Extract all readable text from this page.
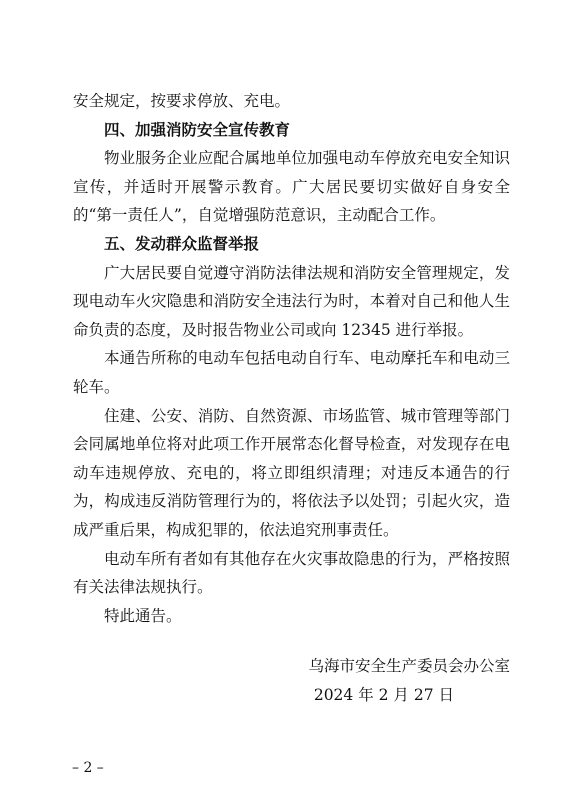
安全规定，按要求停放、充电。

四、加强消防安全宣传教育

物业服务企业应配合属地单位加强电动车停放充电安全知识宣传，并适时开展警示教育。广大居民要切实做好自身安全的“第一责任人”，自觉增强防范意识，主动配合工作。

五、发动群众监督举报

广大居民要自觉遵守消防法律法规和消防安全管理规定，发现电动车火灾隐患和消防安全违法行为时，本着对自己和他人生命负责的态度，及时报告物业公司或向 12345 进行举报。

本通告所称的电动车包括电动自行车、电动摩托车和电动三轮车。

住建、公安、消防、自然资源、市场监管、城市管理等部门会同属地单位将对此项工作开展常态化督导检查，对发现存在电动车违规停放、充电的，将立即组织清理；对违反本通告的行为，构成违反消防管理行为的，将依法予以处罚；引起火灾，造成严重后果，构成犯罪的，依法追究刑事责任。

电动车所有者如有其他存在火灾事故隐患的行为，严格按照有关法律法规执行。

特此通告。

乌海市安全生产委员会办公室
2024 年 2 月 27 日
– 2 –
